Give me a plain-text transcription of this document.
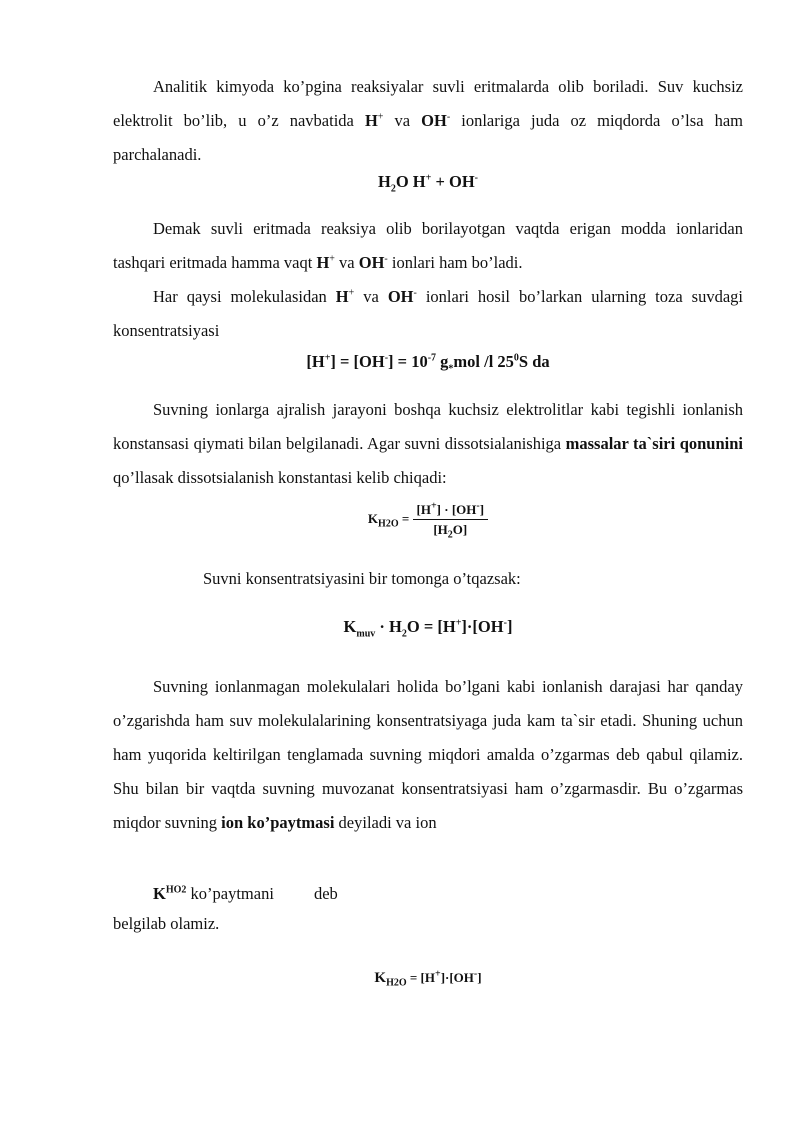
Analitik kimyoda ko’pgina reaksiyalar suvli eritmalarda olib boriladi. Suv kuchsiz elektrolit bo’lib, u o’z navbatida H+ va OH- ionlariga juda oz miqdorda o’lsa ham parchalanadi.

$H_2O$ H+ + OH-

Demak suvli eritmada reaksiya olib borilayotgan vaqtda erigan modda ionlaridan tashqari eritmada hamma vaqt H+ va OH- ionlari ham bo’ladi.

Har qaysi molekulasidan H+ va OH- ionlari hosil bo’larkan ularning toza suvdagi konsentratsiyasi

$[H^+] = [OH^-] = 10^{-7}$ $g_*mol$ /l $25^0S$ da

Suvning ionlarga ajralish jarayoni boshqa kuchsiz elektrolitlar kabi tegishli ionlanish konstansasi qiymati bilan belgilanadi. Agar suvni dissotsialanishiga massalar ta`siri qonunini qo’llasak dissotsialanish konstantasi kelib chiqadi:

$K_{H2O} = \frac{[H^+] \cdot [OH^-]}{[H_2O]}$

Suvni konsentratsiyasini bir tomonga o’tqazsak:

$K_{muv} \cdot H_2O = [H^+]\cdot[OH^-]$

Suvning ionlanmagan molekulalari holida bo’lgani kabi ionlanish darajasi har qanday o’zgarishda ham suv molekulalarining konsentratsiyaga juda kam ta`sir etadi. Shuning uchun ham yuqorida keltirilgan tenglamada suvning miqdori amalda o’zgarmas deb qabul qilamiz. Shu bilan bir vaqtda suvning muvozanat konsentratsiyasi ham o’zgarmasdir. Bu o’zgarmas miqdor suvning ion ko’paytmasi deyiladi va ion

$K^{HO2}$ ko’paytmani deb

belgilab olamiz.

$K_{H2O} = [H^+]\cdot[OH^-]$
